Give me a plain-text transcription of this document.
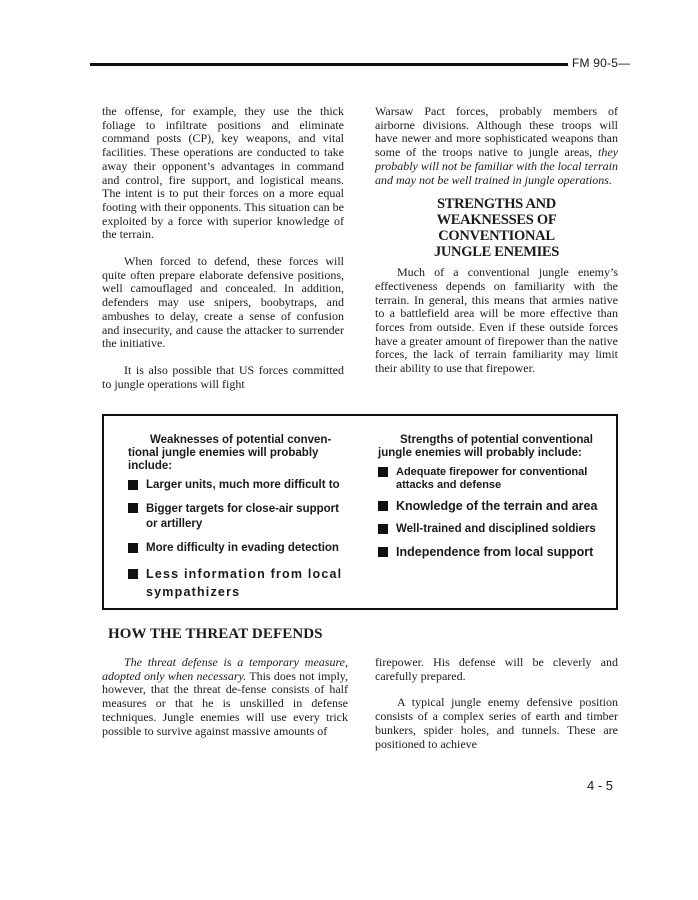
FM 90-5—

the offense, for example, they use the thick foliage to infiltrate positions and eliminate command posts (CP), key weapons, and vital facilities. These operations are conducted to take away their opponent’s advantages in command and control, fire support, and logistical means. The intent is to put their forces on a more equal footing with their opponents. This situation can be exploited by a force with superior knowledge of the terrain.

When forced to defend, these forces will quite often prepare elaborate defensive positions, well camouflaged and concealed. In addition, defenders may use snipers, boobytraps, and ambushes to delay, create a sense of confusion and insecurity, and cause the attacker to surrender the initiative.

It is also possible that US forces committed to jungle operations will fight

Warsaw Pact forces, probably members of airborne divisions. Although these troops will have newer and more sophisticated weapons than some of the troops native to jungle areas, they probably will not be familiar with the local terrain and may not be well trained in jungle operations.

STRENGTHS AND WEAKNESSES OF CONVENTIONAL JUNGLE ENEMIES

Much of a conventional jungle enemy’s effectiveness depends on familiarity with the terrain. In general, this means that armies native to a battlefield area will be more effective than forces from outside. Even if these outside forces have a greater amount of firepower than the native forces, the lack of terrain familiarity may limit their ability to use that firepower.

Weaknesses of potential conven-tional jungle enemies will probably include:
Larger units, much more difficult to
Bigger targets for close-air support or artillery
More difficulty in evading detection
Less information from local sympathizers
Strengths of potential conventional jungle enemies will probably include:
Adequate firepower for conventional attacks and defense
Knowledge of the terrain and area
Well-trained and disciplined soldiers
Independence from local support
HOW THE THREAT DEFENDS

The threat defense is a temporary measure, adopted only when necessary. This does not imply, however, that the threat de-fense consists of half measures or that he is unskilled in defense techniques. Jungle enemies will use every trick possible to survive against massive amounts of

firepower. His defense will be cleverly and carefully prepared.

A typical jungle enemy defensive position consists of a complex series of earth and timber bunkers, spider holes, and tunnels. These are positioned to achieve

4 - 5
